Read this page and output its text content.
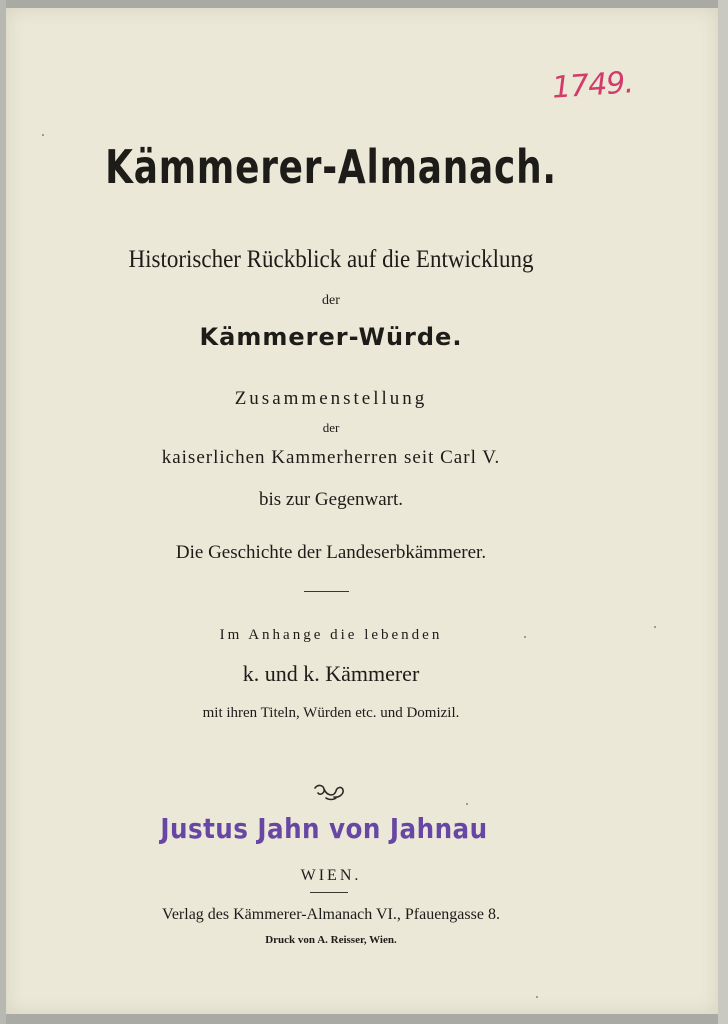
1749.
Kämmerer-Almanach.
Historischer Rückblick auf die Entwicklung
der
Kämmerer-Würde.
Zusammenstellung
der
kaiserlichen Kammerherren seit Carl V.
bis zur Gegenwart.
Die Geschichte der Landeserbkämmerer.
Im Anhange die lebenden
k. und k. Kämmerer
mit ihren Titeln, Würden etc. und Domizil.
Justus Jahn von Jahnau
WIEN.
Verlag des Kämmerer-Almanach VI., Pfauengasse 8.
Druck von A. Reisser, Wien.
